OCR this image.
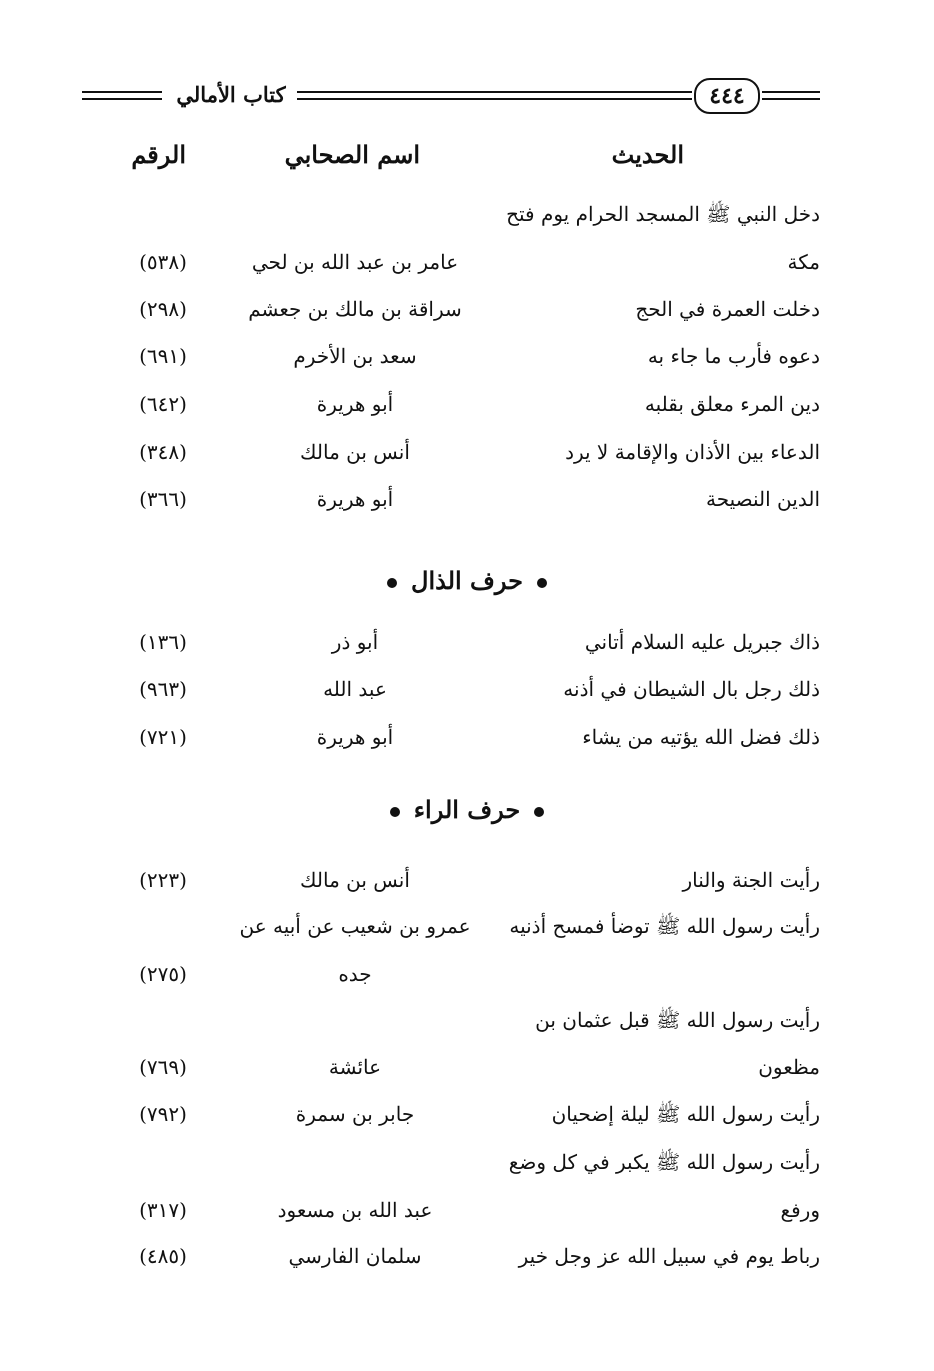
كتاب الأمالي	٤٤٤
الحديث
اسم الصحابي
الرقم
دخل النبي ﷺ المسجد الحرام يوم فتح
مكة
عامر بن عبد الله بن لحي
(٥٣٨)
دخلت العمرة في الحج
سراقة بن مالك بن جعشم
(٢٩٨)
دعوه فأرب ما جاء به
سعد بن الأخرم
(٦٩١)
دين المرء معلق بقلبه
أبو هريرة
(٦٤٢)
الدعاء بين الأذان والإقامة لا يرد
أنس بن مالك
(٣٤٨)
الدين النصيحة
أبو هريرة
(٣٦٦)
حرف الذال
ذاك جبريل عليه السلام أتاني
أبو ذر
(١٣٦)
ذلك رجل بال الشيطان في أذنه
عبد الله
(٩٦٣)
ذلك فضل الله يؤتيه من يشاء
أبو هريرة
(٧٢١)
حرف الراء
رأيت الجنة والنار
أنس بن مالك
(٢٢٣)
رأيت رسول الله ﷺ توضأ فمسح أذنيه
عمرو بن شعيب عن أبيه عن
جده
(٢٧٥)
رأيت رسول الله ﷺ قبل عثمان بن
مظعون
عائشة
(٧٦٩)
رأيت رسول الله ﷺ ليلة إضحيان
جابر بن سمرة
(٧٩٢)
رأيت رسول الله ﷺ يكبر في كل وضع
ورفع
عبد الله بن مسعود
(٣١٧)
رباط يوم في سبيل الله عز وجل خير
سلمان الفارسي
(٤٨٥)
